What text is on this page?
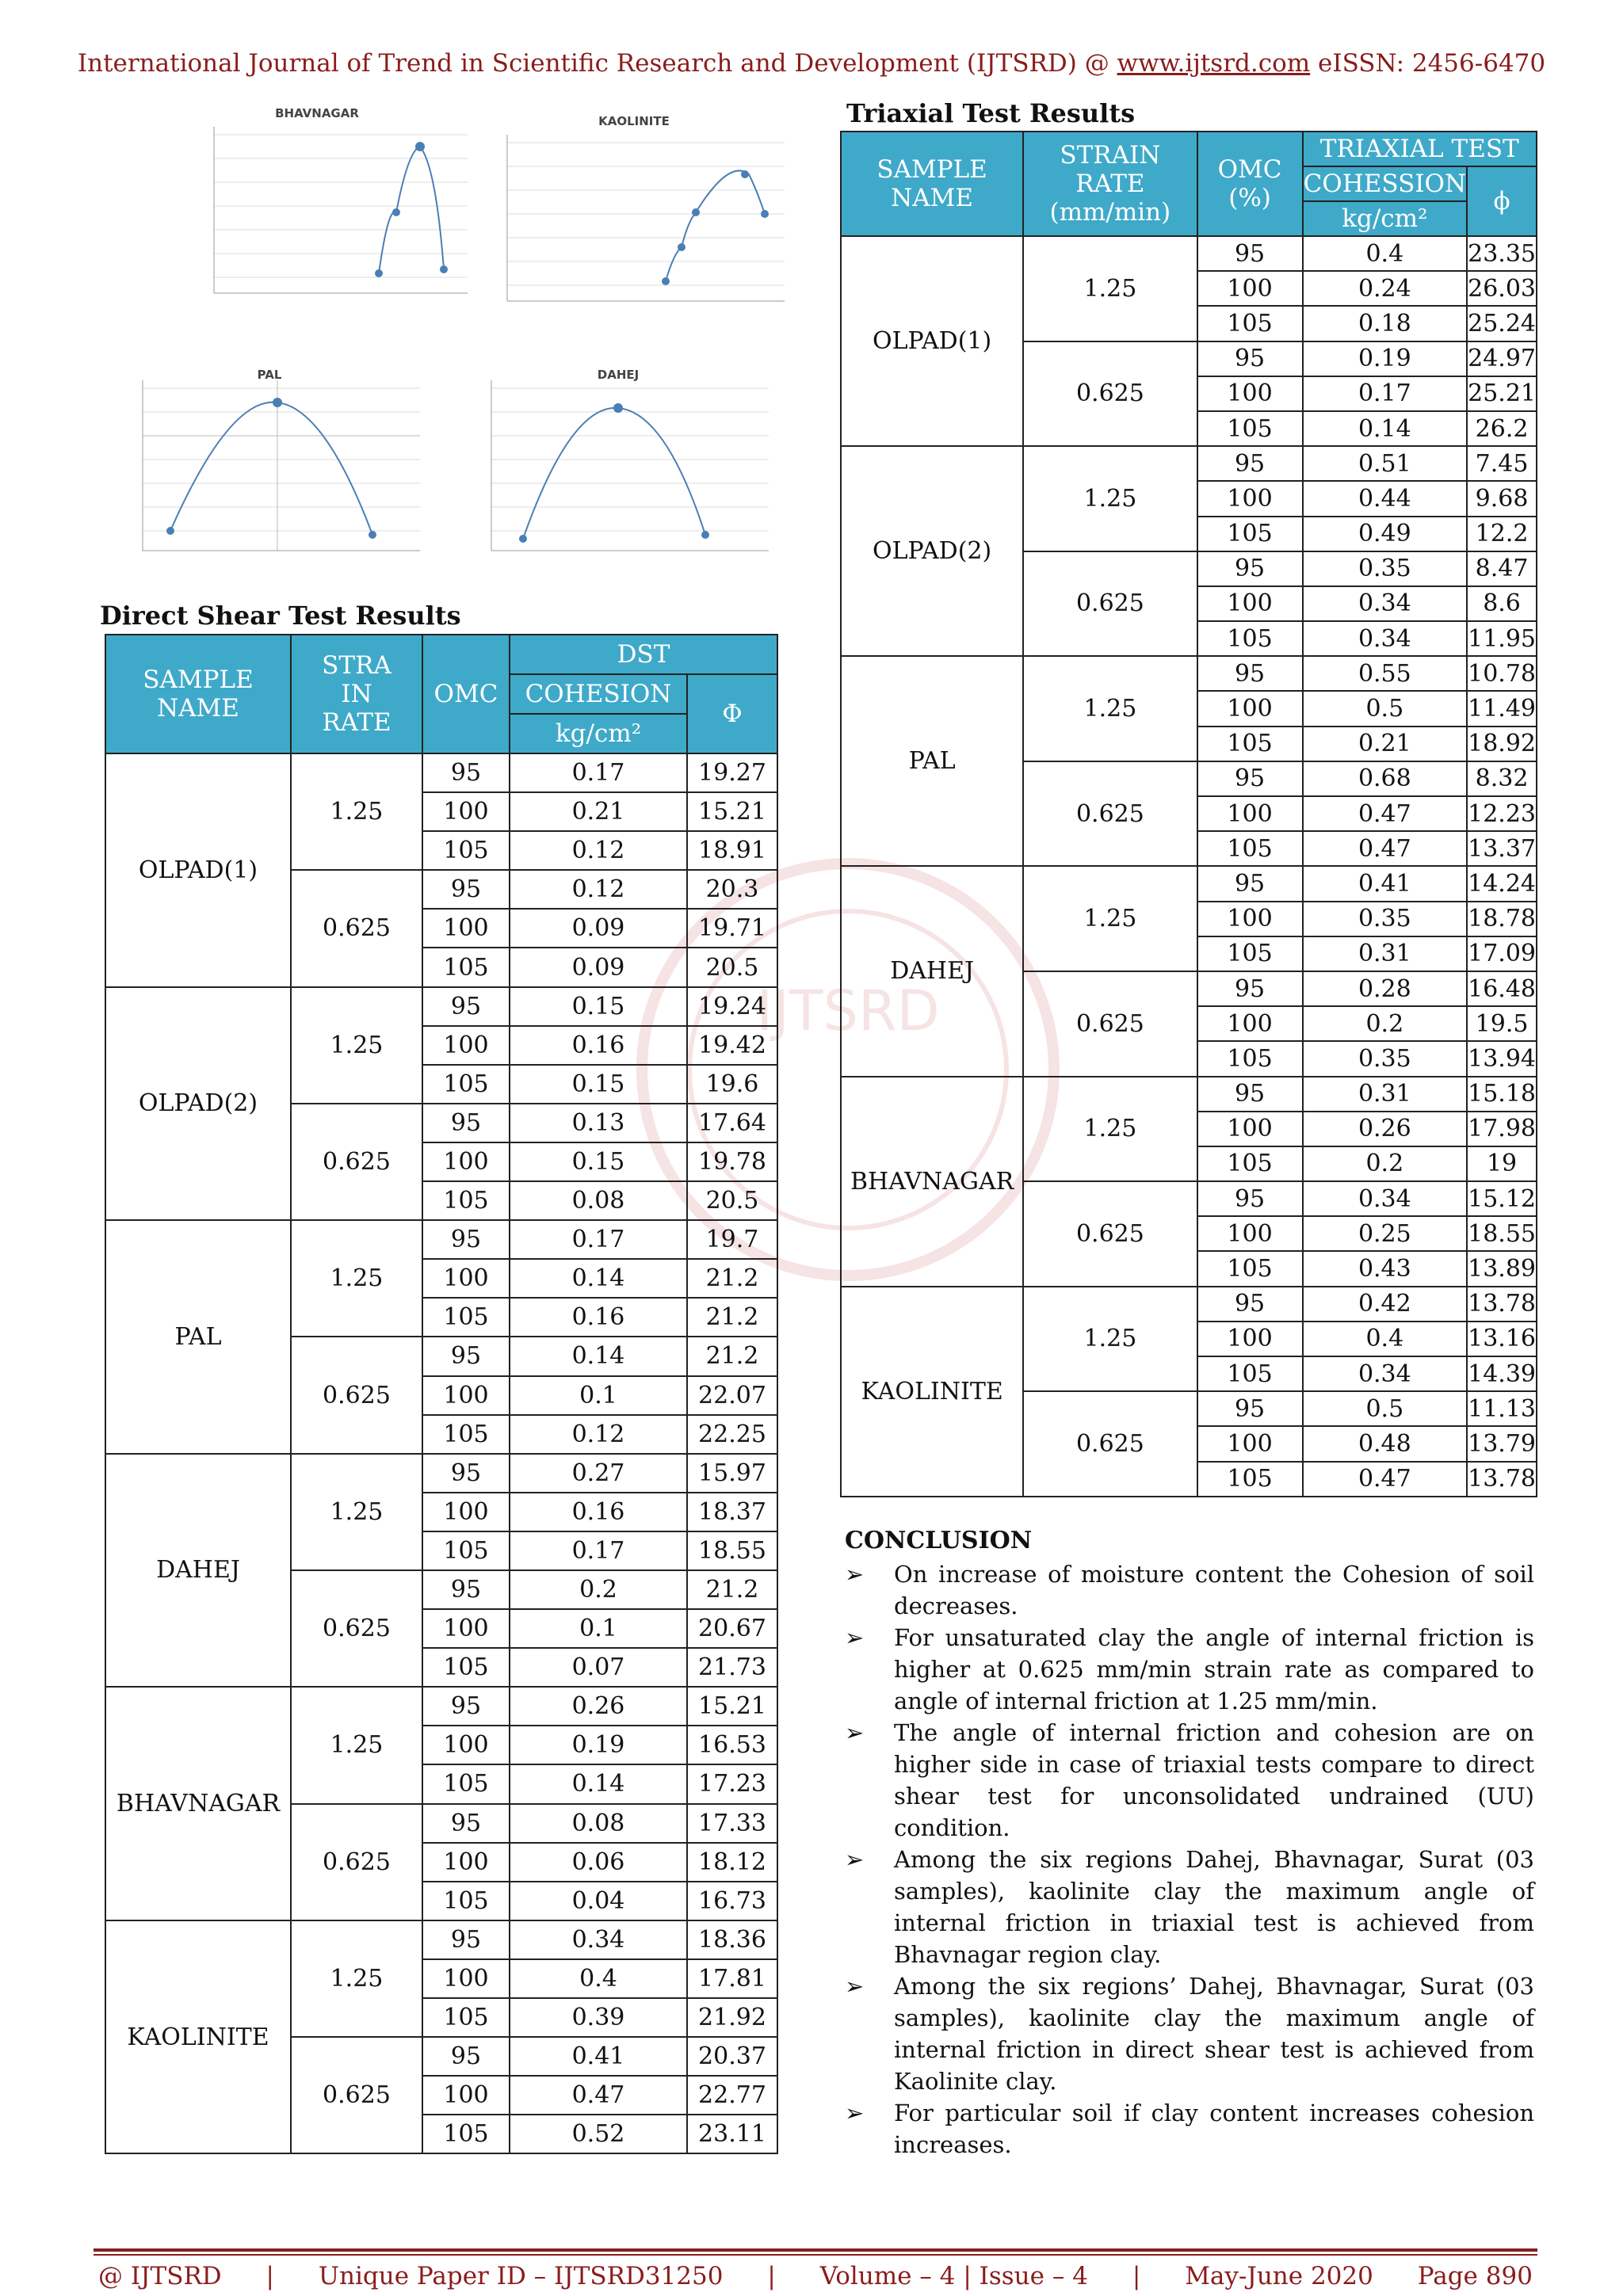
International Journal of Trend in Scientific Research and Development (IJTSRD) @ www.ijtsrd.com eISSN: 2456-6470
BHAVNAGAR
KAOLINITE
PAL	DAHEJ
IJTSRD
Direct Shear Test Results
SAMPLE NAME	STRA IN RATE	OMC	DST	
			COHESION	Φ
			kg/cm²	
OLPAD(1)	1.25	95	0.17	19.27
		100	0.21	15.21
		105	0.12	18.91
	0.625	95	0.12	20.3
		100	0.09	19.71
		105	0.09	20.5
OLPAD(2)	1.25	95	0.15	19.24
		100	0.16	19.42
		105	0.15	19.6
	0.625	95	0.13	17.64
		100	0.15	19.78
		105	0.08	20.5
PAL	1.25	95	0.17	19.7
		100	0.14	21.2
		105	0.16	21.2
	0.625	95	0.14	21.2
		100	0.1	22.07
		105	0.12	22.25
DAHEJ	1.25	95	0.27	15.97
		100	0.16	18.37
		105	0.17	18.55
	0.625	95	0.2	21.2
		100	0.1	20.67
		105	0.07	21.73
BHAVNAGAR	1.25	95	0.26	15.21
		100	0.19	16.53
		105	0.14	17.23
	0.625	95	0.08	17.33
		100	0.06	18.12
		105	0.04	16.73
KAOLINITE	1.25	95	0.34	18.36
		100	0.4	17.81
		105	0.39	21.92
	0.625	95	0.41	20.37
		100	0.47	22.77
		105	0.52	23.11
Triaxial Test Results
SAMPLE NAME	STRAIN RATE (mm/min)	OMC (%)	TRIAXIAL TEST	
			COHESSION	ϕ
			kg/cm²	
OLPAD(1)	1.25	95	0.4	23.35
		100	0.24	26.03
		105	0.18	25.24
	0.625	95	0.19	24.97
		100	0.17	25.21
		105	0.14	26.2
OLPAD(2)	1.25	95	0.51	7.45
		100	0.44	9.68
		105	0.49	12.2
	0.625	95	0.35	8.47
		100	0.34	8.6
		105	0.34	11.95
PAL	1.25	95	0.55	10.78
		100	0.5	11.49
		105	0.21	18.92
	0.625	95	0.68	8.32
		100	0.47	12.23
		105	0.47	13.37
DAHEJ	1.25	95	0.41	14.24
		100	0.35	18.78
		105	0.31	17.09
	0.625	95	0.28	16.48
		100	0.2	19.5
		105	0.35	13.94
BHAVNAGAR	1.25	95	0.31	15.18
		100	0.26	17.98
		105	0.2	19
	0.625	95	0.34	15.12
		100	0.25	18.55
		105	0.43	13.89
KAOLINITE	1.25	95	0.42	13.78
		100	0.4	13.16
		105	0.34	14.39
	0.625	95	0.5	11.13
		100	0.48	13.79
		105	0.47	13.78
CONCLUSION
➢ On increase of moisture content the Cohesion of soil decreases.
➢ For unsaturated clay the angle of internal friction is higher at 0.625 mm/min strain rate as compared to angle of internal friction at 1.25 mm/min.
➢ The angle of internal friction and cohesion are on higher side in case of triaxial tests compare to direct shear test for unconsolidated undrained (UU) condition.
➢ Among the six regions Dahej, Bhavnagar, Surat (03 samples), kaolinite clay the maximum angle of internal friction in triaxial test is achieved from Bhavnagar region clay.
➢ Among the six regions’ Dahej, Bhavnagar, Surat (03 samples), kaolinite clay the maximum angle of internal friction in direct shear test is achieved from Kaolinite clay.
➢ For particular soil if clay content increases cohesion increases.
@ IJTSRD | Unique Paper ID – IJTSRD31250 | Volume – 4 | Issue – 4 | May-June 2020 Page 890
